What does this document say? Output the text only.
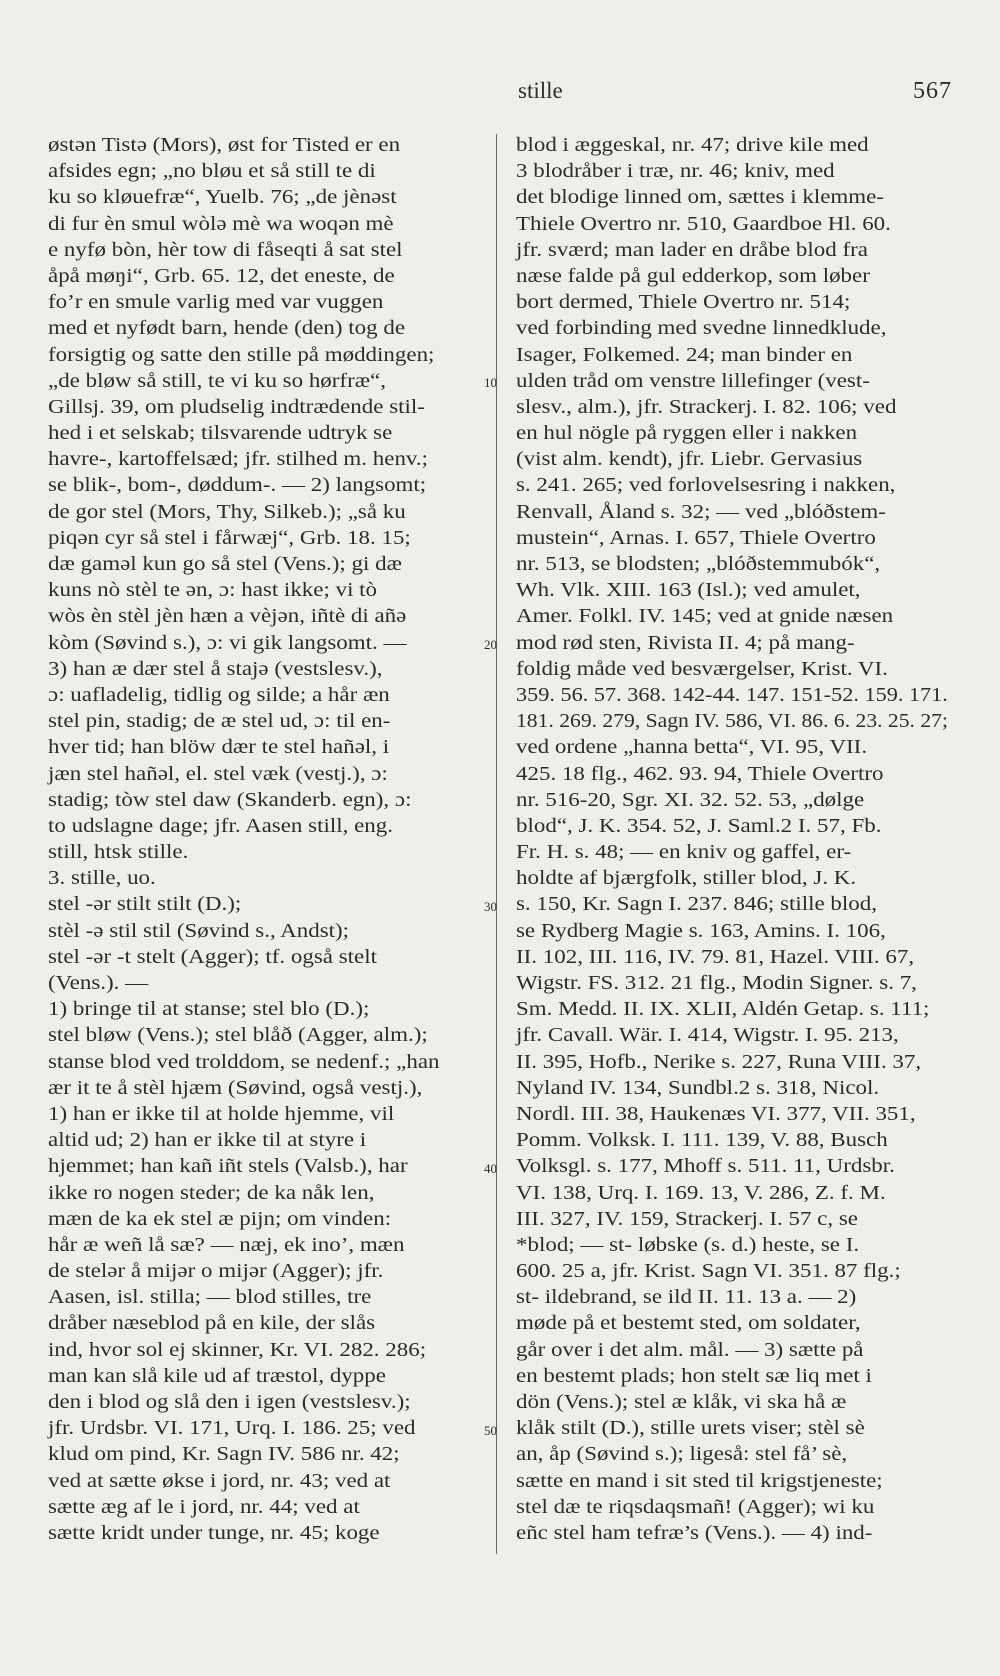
stille	567
østən Tistə (Mors), øst for Tisted er en
afsides egn; „no bløu et så still te di
ku so kløuefræ“, Yuelb. 76; „de jènəst
di fur èn smul wòlə mè wa woqən mè
e nyfø bòn, hèr tow di fåseqti å sat stel
åpå møŋi“, Grb. 65. 12, det eneste, de
fo’r en smule varlig med var vuggen
med et nyfødt barn, hende (den) tog de
forsigtig og satte den stille på møddingen;
„de bløw så still, te vi ku so hørfræ“,
Gillsj. 39, om pludselig indtrædende stil-
hed i et selskab; tilsvarende udtryk se
havre-, kartoffelsæd; jfr. stilhed m. henv.;
se blik-, bom-, døddum-. — 2) langsomt;
de gor stel (Mors, Thy, Silkeb.); „så ku
piqən cyr så stel i fårwæj“, Grb. 18. 15;
dæ gaməl kun go så stel (Vens.); gi dæ
kuns nò stèl te ən, ɔ: hast ikke; vi tò
wòs èn stèl jèn hæn a vèjən, iñtè di añə
kòm (Søvind s.), ɔ: vi gik langsomt. —
3) han æ dær stel å stajə (vestslesv.),
ɔ: uafladelig, tidlig og silde; a hår æn
stel pin, stadig; de æ stel ud, ɔ: til en-
hver tid; han blöw dær te stel hañəl, i
jæn stel hañəl, el. stel væk (vestj.), ɔ:
stadig; tòw stel daw (Skanderb. egn), ɔ:
to udslagne dage; jfr. Aasen still, eng.
still, htsk stille.
3. stille, uo.
stel -ər stilt stilt (D.);
stèl -ə stil stil (Søvind s., Andst);
stel -ər -t stelt (Agger); tf. også stelt
(Vens.). —
1) bringe til at stanse; stel blo (D.);
stel bløw (Vens.); stel blåð (Agger, alm.);
stanse blod ved trolddom, se nedenf.; „han
ær it te å stèl hjæm (Søvind, også vestj.),
1) han er ikke til at holde hjemme, vil
altid ud; 2) han er ikke til at styre i
hjemmet; han kañ iñt stels (Valsb.), har
ikke ro nogen steder; de ka nåk len,
mæn de ka ek stel æ pijn; om vinden:
hår æ weñ lå sæ? — næj, ek ino’, mæn
de stelər å mijər o mijər (Agger); jfr.
Aasen, isl. stilla; — blod stilles, tre
dråber næseblod på en kile, der slås
ind, hvor sol ej skinner, Kr. VI. 282. 286;
man kan slå kile ud af træstol, dyppe
den i blod og slå den i igen (vestslesv.);
jfr. Urdsbr. VI. 171, Urq. I. 186. 25; ved
klud om pind, Kr. Sagn IV. 586 nr. 42;
ved at sætte økse i jord, nr. 43; ved at
sætte æg af le i jord, nr. 44; ved at
sætte kridt under tunge, nr. 45; koge
blod i æggeskal, nr. 47; drive kile med
3 blodråber i træ, nr. 46; kniv, med
det blodige linned om, sættes i klemme-
Thiele Overtro nr. 510, Gaardboe Hl. 60.
jfr. sværd; man lader en dråbe blod fra
næse falde på gul edderkop, som løber
bort dermed, Thiele Overtro nr. 514;
ved forbinding med svedne linnedklude,
Isager, Folkemed. 24; man binder en
ulden tråd om venstre lillefinger (vest-
slesv., alm.), jfr. Strackerj. I. 82. 106; ved
en hul nögle på ryggen eller i nakken
(vist alm. kendt), jfr. Liebr. Gervasius
s. 241. 265; ved forlovelsesring i nakken,
Renvall, Åland s. 32; — ved „blóðstem-
mustein“, Arnas. I. 657, Thiele Overtro
nr. 513, se blodsten; „blóðstemmubók“,
Wh. Vlk. XIII. 163 (Isl.); ved amulet,
Amer. Folkl. IV. 145; ved at gnide næsen
mod rød sten, Rivista II. 4; på mang-
foldig måde ved besværgelser, Krist. VI.
359. 56. 57. 368. 142-44. 147. 151-52. 159. 171.
181. 269. 279, Sagn IV. 586, VI. 86. 6. 23. 25. 27;
ved ordene „hanna betta“, VI. 95, VII.
425. 18 flg., 462. 93. 94, Thiele Overtro
nr. 516-20, Sgr. XI. 32. 52. 53, „dølge
blod“, J. K. 354. 52, J. Saml.2 I. 57, Fb.
Fr. H. s. 48; — en kniv og gaffel, er-
holdte af bjærgfolk, stiller blod, J. K.
s. 150, Kr. Sagn I. 237. 846; stille blod,
se Rydberg Magie s. 163, Amins. I. 106,
II. 102, III. 116, IV. 79. 81, Hazel. VIII. 67,
Wigstr. FS. 312. 21 flg., Modin Signer. s. 7,
Sm. Medd. II. IX. XLII, Aldén Getap. s. 111;
jfr. Cavall. Wär. I. 414, Wigstr. I. 95. 213,
II. 395, Hofb., Nerike s. 227, Runa VIII. 37,
Nyland IV. 134, Sundbl.2 s. 318, Nicol.
Nordl. III. 38, Haukenæs VI. 377, VII. 351,
Pomm. Volksk. I. 111. 139, V. 88, Busch
Volksgl. s. 177, Mhoff s. 511. 11, Urdsbr.
VI. 138, Urq. I. 169. 13, V. 286, Z. f. M.
III. 327, IV. 159, Strackerj. I. 57 c, se
*blod; — st- løbske (s. d.) heste, se I.
600. 25 a, jfr. Krist. Sagn VI. 351. 87 flg.;
st- ildebrand, se ild II. 11. 13 a. — 2)
møde på et bestemt sted, om soldater,
går over i det alm. mål. — 3) sætte på
en bestemt plads; hon stelt sæ liq met i
dön (Vens.); stel æ klåk, vi ska hå æ
klåk stilt (D.), stille urets viser; stèl sè
an, åp (Søvind s.); ligeså: stel få’ sè,
sætte en mand i sit sted til krigstjeneste;
stel dæ te riqsdaqsmañ! (Agger); wi ku
eñc stel ham tefræ’s (Vens.). — 4) ind-
10
20
30
40
50
